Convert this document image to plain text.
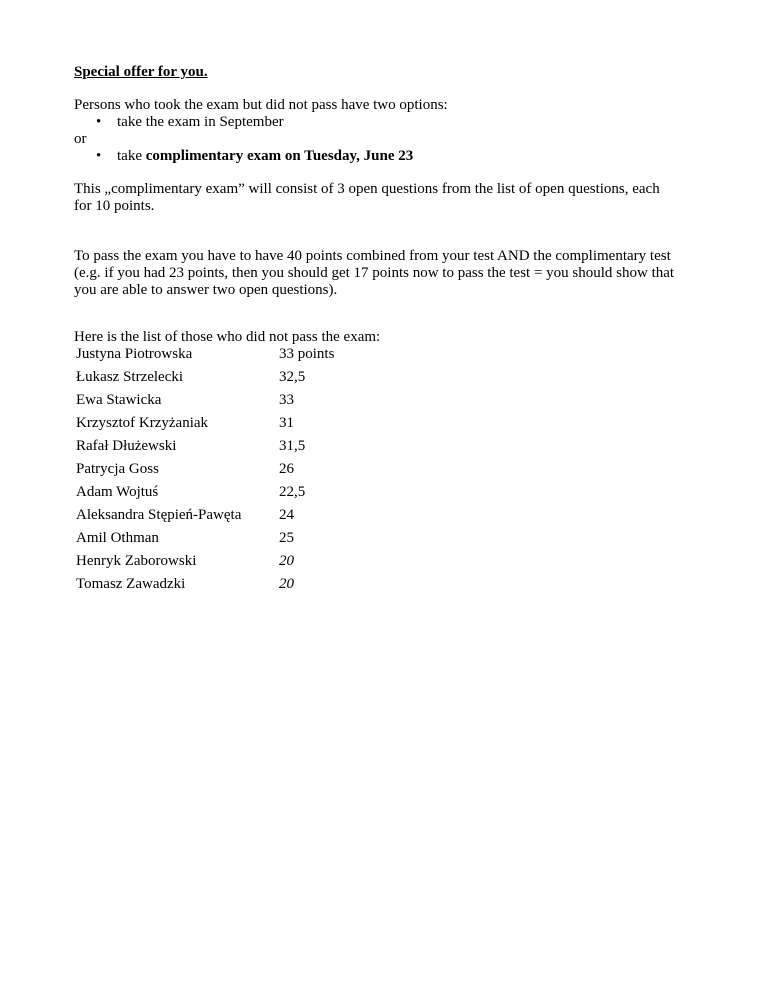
Special offer for you.

Persons who took the exam but did not pass have two options:

•	take the exam in September
or
•	take complimentary exam on Tuesday, June 23

This „complimentary exam” will consist of 3 open questions from the list of open questions, each
for 10 points.

To pass the exam you have to have 40 points combined from your test AND the complimentary test
(e.g. if you had 23 points, then you should get 17 points now to pass the test = you should show that
you are able to answer two open questions).

Here is the list of those who did not pass the exam:

Justyna Piotrowska	33 points
Łukasz Strzelecki	32,5
Ewa Stawicka	33
Krzysztof Krzyżaniak	31
Rafał Dłużewski	31,5
Patrycja Goss	26
Adam Wojtuś	22,5
Aleksandra Stępień-Pawęta	24
Amil Othman	25
Henryk Zaborowski	20
Tomasz Zawadzki	20
